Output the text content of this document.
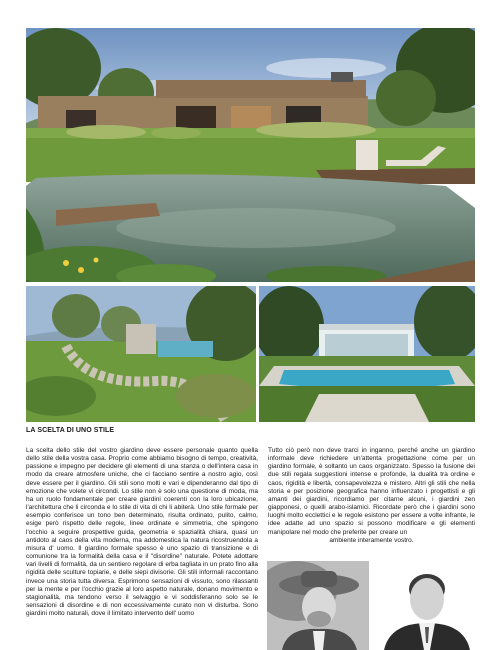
LA SCELTA DI UNO STILE

La scelta dello stile del vostro giardino deve essere personale quanto quella dello stile della vostra casa. Proprio come abbiamo bisogno di tempo, creatività, passione e impegno per decidere gli elementi di una stanza o dell'intera casa in modo da creare atmosfere uniche, che ci facciano sentire a nostro agio, così deve essere per il giardino. Gli stili sono molti e vari e dipenderanno dal tipo di emozione che volete vi circondi. Lo stile non è solo una questione di moda, ma ha un ruolo fondamentale per creare giardini coerenti con la loro ubicazione, l'architettura che li circonda e lo stile di vita di chi li abiterà. Uno stile formale per esempio conferisce un tono ben determinato, risulta ordinato, pulito, calmo, esige però rispetto delle regole, linee ordinate e simmetria, che spingono l'occhio a seguire prospettive guida, geometria e spazialità chiara, quasi un antidoto al caos della vita moderna, ma addomestica la natura ricostruendola a misura d' uomo. Il giardino formale spesso è uno spazio di transizione e di comunione tra la formalità della casa e il "disordine" naturale. Potete adottare vari livelli di formalità, da un sentiero regolare di erba tagliata in un prato fino alla rigidità delle sculture topiarie, e delle siepi divisorie. Gli stili informali raccontano invece una storia tutta diversa. Esprimono sensazioni di vissuto, sono rilassanti per la mente e per l'occhio grazie al loro aspetto naturale, donano movimento e stagionalità, ma tendono verso il selvaggio e vi soddisferanno solo se le sensazioni di disordine e di non eccessivamente curato non vi disturba. Sono giardini molto naturali, dove il limitato intervento dell' uomo

Tutto ciò però non deve trarci in inganno, perché anche un giardino informale deve richiedere un'attenta progettazione come per un giardino formale, è soltanto un caos organizzato. Spesso la fusione dei due stili regala suggestioni intense e profonde, la dualità tra ordine e caos, rigidità e libertà, consapevolezza e mistero. Altri gli stili che nella storia e per posizione geografica hanno influenzato i progettisti e gli amanti dei giardini, ricordiamo per citarne alcuni, i giardini zen giapponesi, o quelli arabo-islamici. Ricordate però che i giardini sono luoghi molto ecclettici e le regole esistono per essere a volte infrante, le idee adatte ad uno spazio si possono modificare e gli elementi manipolare nel modo che preferite per creare un
ambiente interamente vostro.
